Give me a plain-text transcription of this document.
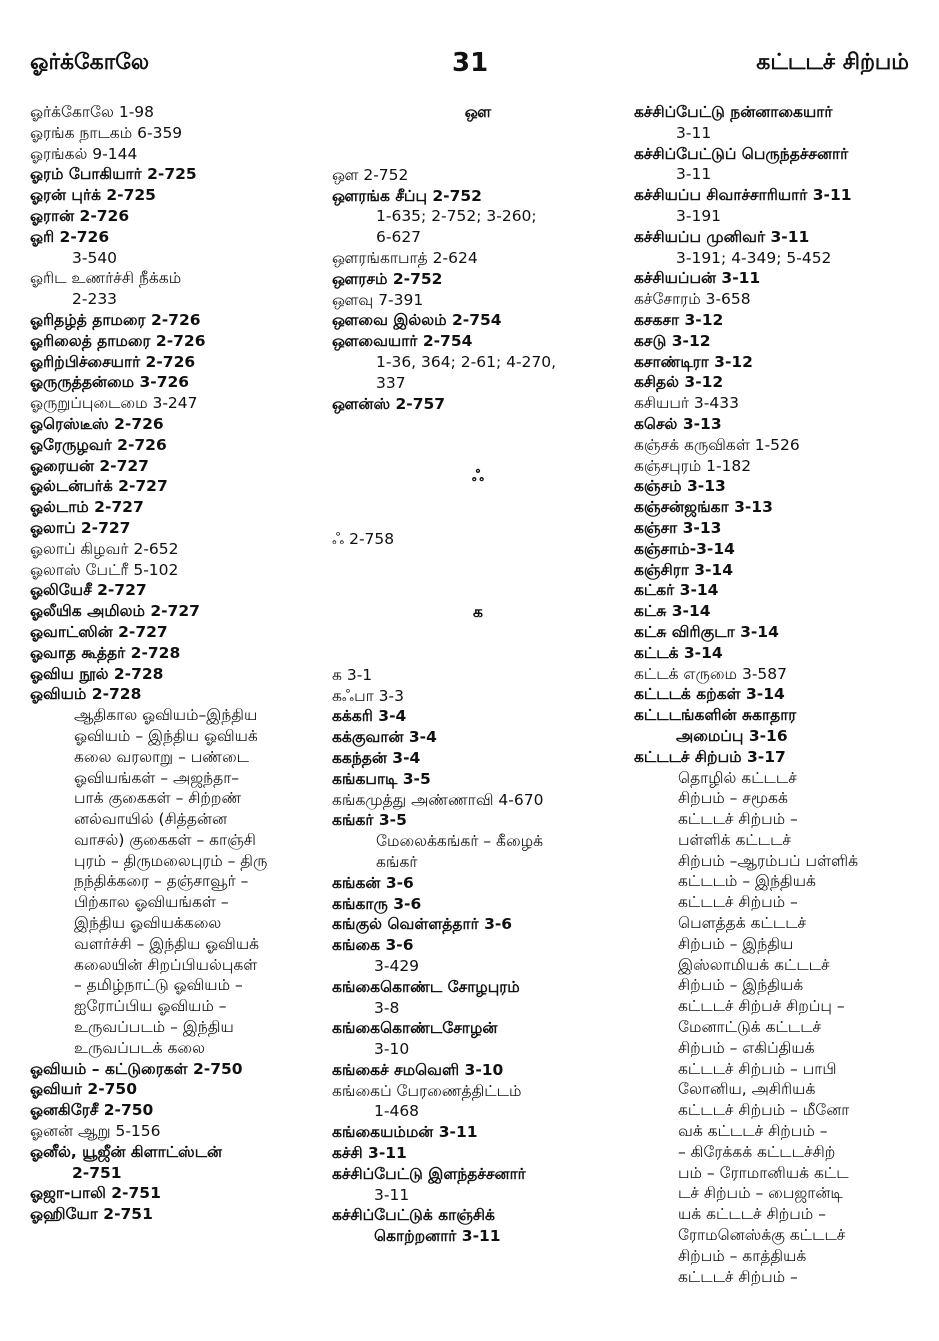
ஓர்க்கோலே	31	கட்டடச் சிற்பம்
ஓர்க்கோலே 1-98
ஓரங்க நாடகம் 6-359
ஓரங்கல் 9-144
ஓரம் போகியார் 2-725
ஓரன் புர்க் 2-725
ஓரான் 2-726
ஓரி 2-726
3-540
ஓரிட உணர்ச்சி நீக்கம்
2-233
ஓரிதழ்த் தாமரை 2-726
ஓரிலைத் தாமரை 2-726
ஓரிற்பிச்சையார் 2-726
ஓருருத்தன்மை 3-726
ஓருறுப்புடைமை 3-247
ஓரெஸ்டீஸ் 2-726
ஓரேருழவர் 2-726
ஓரையன் 2-727
ஓல்டன்பர்க் 2-727
ஓல்டாம் 2-727
ஓலாப் 2-727
ஓலாப் கிழவர் 2-652
ஓலாஸ் பேட்ரீ 5-102
ஓலியேசீ 2-727
ஓலீயிக அமிலம் 2-727
ஓவாட்ஸின் 2-727
ஓவாத கூத்தர் 2-728
ஓவிய நூல் 2-728
ஓவியம் 2-728
ஆதிகால ஓவியம்–இந்திய
ஓவியம் – இந்திய ஓவியக்
கலை வரலாறு – பண்டை
ஓவியங்கள் – அஜந்தா–
பாக் குகைகள் – சிற்றண்
னல்வாயில் (சித்தன்ன
வாசல்) குகைகள் – காஞ்சி
புரம் – திருமலைபுரம் – திரு
நந்திக்கரை – தஞ்சாவூர் –
பிற்கால ஓவியங்கள் –
இந்திய ஓவியக்கலை
வளர்ச்சி – இந்திய ஓவியக்
கலையின் சிறப்பியல்புகள்
– தமிழ்நாட்டு ஓவியம் –
ஐரோப்பிய ஓவியம் –
உருவப்படம் – இந்திய
உருவப்படக் கலை
ஓவியம் – கட்டுரைகள் 2-750
ஓவியர் 2-750
ஓனகிரேசீ 2-750
ஓனன் ஆறு 5-156
ஓனீல், யூஜீன் கிளாட்ஸ்டன்
2-751
ஓஜா-பாலி 2-751
ஓஹியோ 2-751
ஔ
ஔ 2-752
ஔரங்க சீப்பு 2-752
1-635; 2-752; 3-260;
6-627
ஔரங்காபாத் 2-624
ஔரசம் 2-752
ஔவு 7-391
ஔவை இல்லம் 2-754
ஔவையார் 2-754
1-36, 364; 2-61; 4-270,
337
ஔன்ஸ் 2-757
ஃ
ஃ 2-758
க
க 3-1
கஃபா 3-3
கக்கரி 3-4
கக்குவான் 3-4
ககந்தன் 3-4
கங்கபாடி 3-5
கங்கமுத்து அண்ணாவி 4-670
கங்கர் 3-5
மேலைக்கங்கர் – கீழைக்
கங்கர்
கங்கன் 3-6
கங்காரு 3-6
கங்குல் வெள்ளத்தார் 3-6
கங்கை 3-6
3-429
கங்கைகொண்ட சோழபுரம்
3-8
கங்கைகொண்டசோழன்
3-10
கங்கைச் சமவெளி 3-10
கங்கைப் பேரணைத்திட்டம்
1-468
கங்கையம்மன் 3-11
கச்சி 3-11
கச்சிப்பேட்டு இளந்தச்சனார்
3-11
கச்சிப்பேட்டுக் காஞ்சிக்
கொற்றனார் 3-11
கச்சிப்பேட்டு நன்னாகையார்
3-11
கச்சிப்பேட்டுப் பெருந்தச்சனார்
3-11
கச்சியப்ப சிவாச்சாரியார் 3-11
3-191
கச்சியப்ப முனிவர் 3-11
3-191; 4-349; 5-452
கச்சியப்பன் 3-11
கச்சோரம் 3-658
கசகசா 3-12
கசடு 3-12
கசாண்டிரா 3-12
கசிதல் 3-12
கசியபர் 3-433
கசெல் 3-13
கஞ்சக் கருவிகள் 1-526
கஞ்சபுரம் 1-182
கஞ்சம் 3-13
கஞ்சன்ஜங்கா 3-13
கஞ்சா 3-13
கஞ்சாம்-3-14
கஞ்சிரா 3-14
கட்கர் 3-14
கட்சு 3-14
கட்சு விரிகுடா 3-14
கட்டக் 3-14
கட்டக் எருமை 3-587
கட்டடக் கற்கள் 3-14
கட்டடங்களின் சுகாதார
அமைப்பு 3-16
கட்டடச் சிற்பம் 3-17
தொழில் கட்டடச்
சிற்பம் – சமூகக்
கட்டடச் சிற்பம் –
பள்ளிக் கட்டடச்
சிற்பம் –ஆரம்பப் பள்ளிக்
கட்டடம் – இந்தியக்
கட்டடச் சிற்பம் –
பௌத்தக் கட்டடச்
சிற்பம் – இந்திய
இஸ்லாமியக் கட்டடச்
சிற்பம் – இந்தியக்
கட்டடச் சிற்பச் சிறப்பு –
மேனாட்டுக் கட்டடச்
சிற்பம் – எகிப்தியக்
கட்டடச் சிற்பம் – பாபி
லோனிய, அசிரியக்
கட்டடச் சிற்பம் – மீனோ
வக் கட்டடச் சிற்பம் –
– கிரேக்கக் கட்டடச்சிற்
பம் – ரோமானியக் கட்ட
டச் சிற்பம் – பைஜான்டி
யக் கட்டடச் சிற்பம் –
ரோமனெஸ்க்கு கட்டடச்
சிற்பம் – காத்தியக்
கட்டடச் சிற்பம் –
